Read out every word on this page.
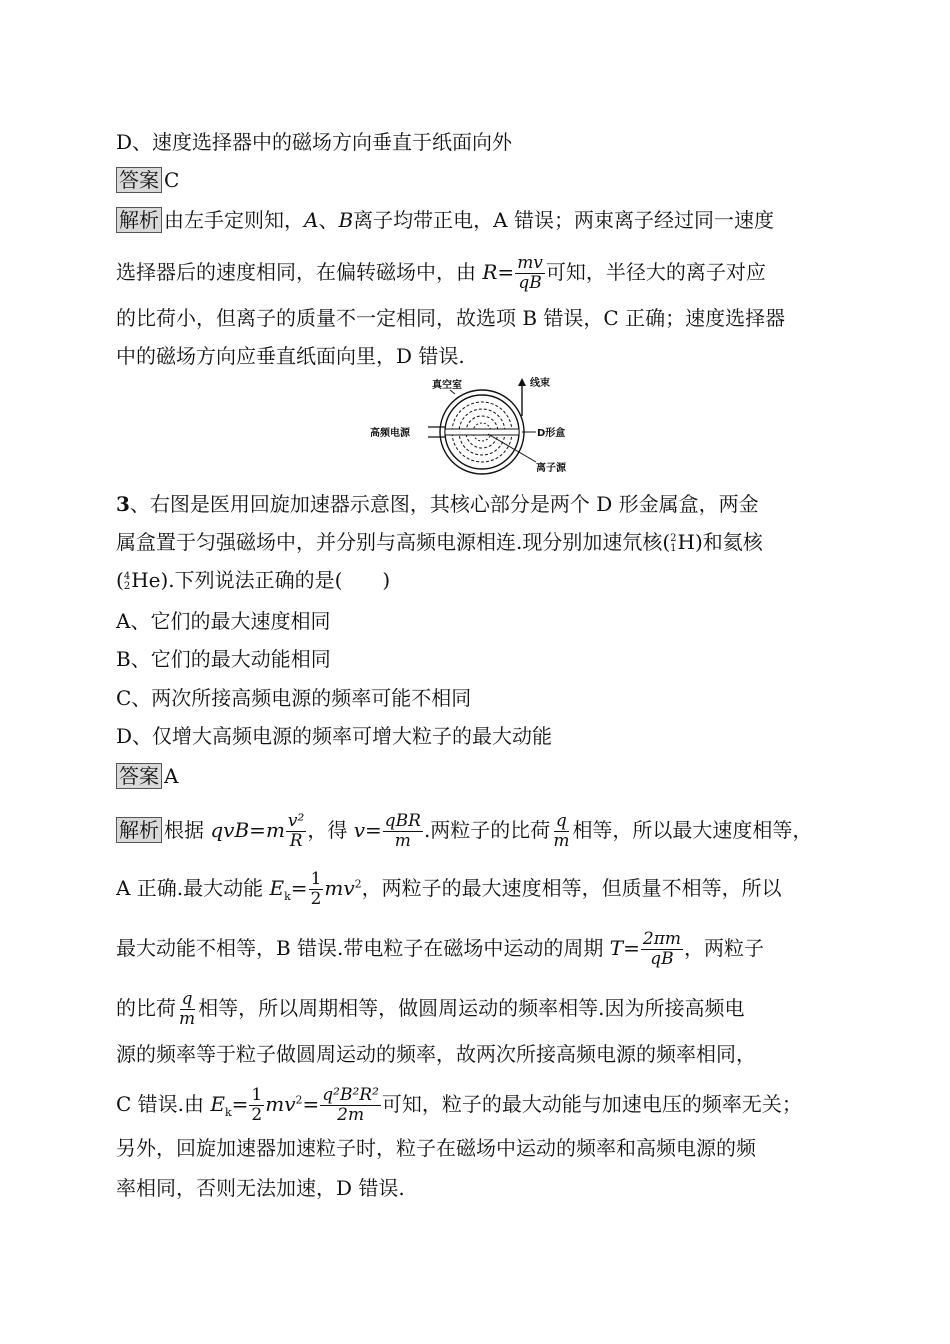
D、速度选择器中的磁场方向垂直于纸面向外
答案 C
解析 由左手定则知，A、B离子均带正电，A 错误；两束离子经过同一速度
选择器后的速度相同，在偏转磁场中，由 $R= \frac{mv}{qB}$ 可知，半径大的离子对应
的比荷小，但离子的质量不一定相同，故选项 B 错误，C 正确；速度选择器
中的磁场方向应垂直纸面向里，D 错误.
真空室	线束
高频电源	D形盒
离子源
3、右图是医用回旋加速器示意图，其核心部分是两个 D 形金属盒，两金
属盒置于匀强磁场中，并分别与高频电源相连.现分别加速氘核( 2
1 H)和氦核
( 4
2 He).下列说法正确的是(　　)
A、它们的最大速度相同
B、它们的最大动能相同
C、两次所接高频电源的频率可能不相同
D、仅增大高频电源的频率可增大粒子的最大动能
答案 A
解析 根据 $qvB=m \frac{\text{v²}}{R}$ ，得 $v= \frac{\text{qBR}}{m}$ .两粒子的比荷 $\frac{q}{m}$ 相等，所以最大速度相等，
A 正确.最大动能 $E_k= \frac{1}{2} mv^2$，两粒子的最大速度相等，但质量不相等，所以
最大动能不相等，B 错误.带电粒子在磁场中运动的周期 $T= \frac{2\pi m}{qB}$ ，两粒子
的比荷 $\frac{q}{m}$ 相等，所以周期相等，做圆周运动的频率相等.因为所接高频电
源的频率等于粒子做圆周运动的频率，故两次所接高频电源的频率相同，
C 错误.由 $E_k= \frac{1}{2} mv^2= \frac{\text{q²B²R²}}{2m}$ 可知，粒子的最大动能与加速电压的频率无关；
另外，回旋加速器加速粒子时，粒子在磁场中运动的频率和高频电源的频
率相同，否则无法加速，D 错误.
